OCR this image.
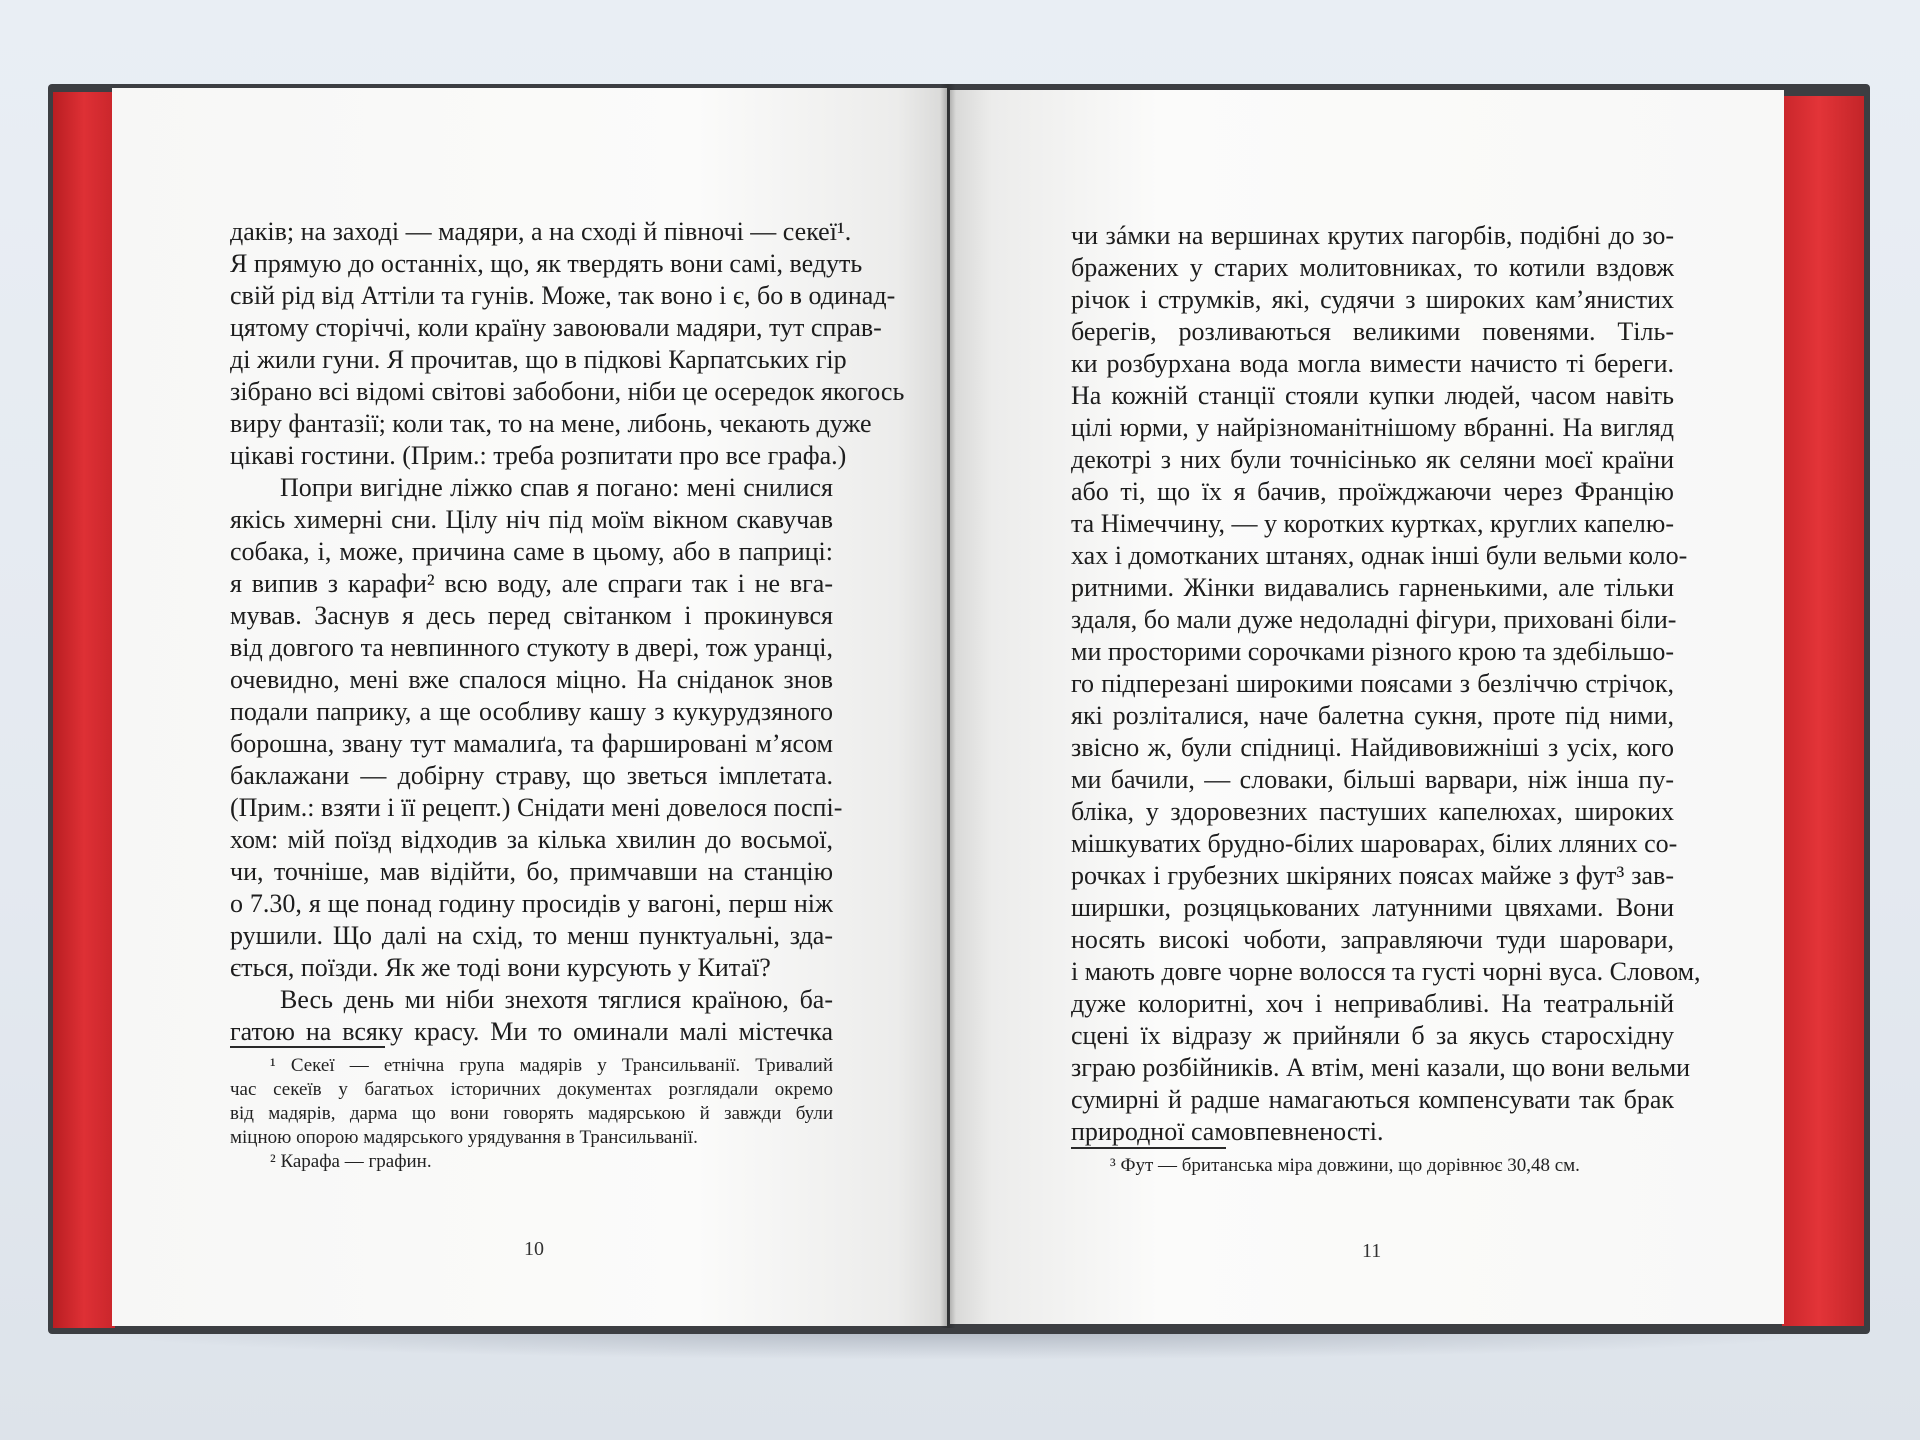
даків; на заході — мадяри, а на сході й півночі — секеї¹.
Я прямую до останніх, що, як твердять вони самі, ведуть
свій рід від Аттіли та гунів. Може, так воно і є, бо в одинад-
цятому сторіччі, коли країну завоювали мадяри, тут справ-
ді жили гуни. Я прочитав, що в підкові Карпатських гір
зібрано всі відомі світові забобони, ніби це осередок якогось
виру фантазії; коли так, то на мене, либонь, чекають дуже
цікаві гостини. (Прим.: треба розпитати про все графа.)
Попри вигідне ліжко спав я погано: мені снилися
якісь химерні сни. Цілу ніч під моїм вікном скавучав
собака, і, може, причина саме в цьому, або в паприці:
я випив з карафи² всю воду, але спраги так і не вга-
мував. Заснув я десь перед світанком і прокинувся
від довгого та невпинного стукоту в двері, тож уранці,
очевидно, мені вже спалося міцно. На сніданок знов
подали паприку, а ще особливу кашу з кукурудзяного
борошна, звану тут мамалиґа, та фаршировані м’ясом
баклажани — добірну страву, що зветься імплетата.
(Прим.: взяти і її рецепт.) Снідати мені довелося поспі-
хом: мій поїзд відходив за кілька хвилин до восьмої,
чи, точніше, мав відійти, бо, примчавши на станцію
о 7.30, я ще понад годину просидів у вагоні, перш ніж
рушили. Що далі на схід, то менш пунктуальні, зда-
ється, поїзди. Як же тоді вони курсують у Китаї?
Весь день ми ніби знехотя тяглися країною, ба-
гатою на всяку красу. Ми то оминали малі містечка
¹ Секеї — етнічна група мадярів у Трансильванії. Тривалий
час секеїв у багатьох історичних документах розглядали окремо
від мадярів, дарма що вони говорять мадярською й завжди були
міцною опорою мадярського урядування в Трансильванії.
² Карафа — графин.
10
чи зáмки на вершинах крутих пагорбів, подібні до зо-
бражених у старих молитовниках, то котили вздовж
річок і струмків, які, судячи з широких кам’янистих
берегів, розливаються великими повенями. Тіль-
ки розбурхана вода могла вимести начисто ті береги.
На кожній станції стояли купки людей, часом навіть
цілі юрми, у найрізноманітнішому вбранні. На вигляд
декотрі з них були точнісінько як селяни моєї країни
або ті, що їх я бачив, проїжджаючи через Францію
та Німеччину, — у коротких куртках, круглих капелю-
хах і домотканих штанях, однак інші були вельми коло-
ритними. Жінки видавались гарненькими, але тільки
здаля, бо мали дуже недоладні фігури, приховані біли-
ми просторими сорочками різного крою та здебільшо-
го підперезані широкими поясами з безліччю стрічок,
які розліталися, наче балетна сукня, проте під ними,
звісно ж, були спідниці. Найдивовижніші з усіх, кого
ми бачили, — словаки, більші варвари, ніж інша пу-
бліка, у здоровезних пастуших капелюхах, широких
мішкуватих брудно-білих шароварах, білих лляних со-
рочках і грубезних шкіряних поясах майже з фут³ зав-
ширшки, розцяцькованих латунними цвяхами. Вони
носять високі чоботи, заправляючи туди шаровари,
і мають довге чорне волосся та густі чорні вуса. Словом,
дуже колоритні, хоч і непривабливі. На театральній
сцені їх відразу ж прийняли б за якусь старосхідну
зграю розбійників. А втім, мені казали, що вони вельми
сумирні й радше намагаються компенсувати так брак
природної самовпевненості.
³ Фут — британська міра довжини, що дорівнює 30,48 см.
11
